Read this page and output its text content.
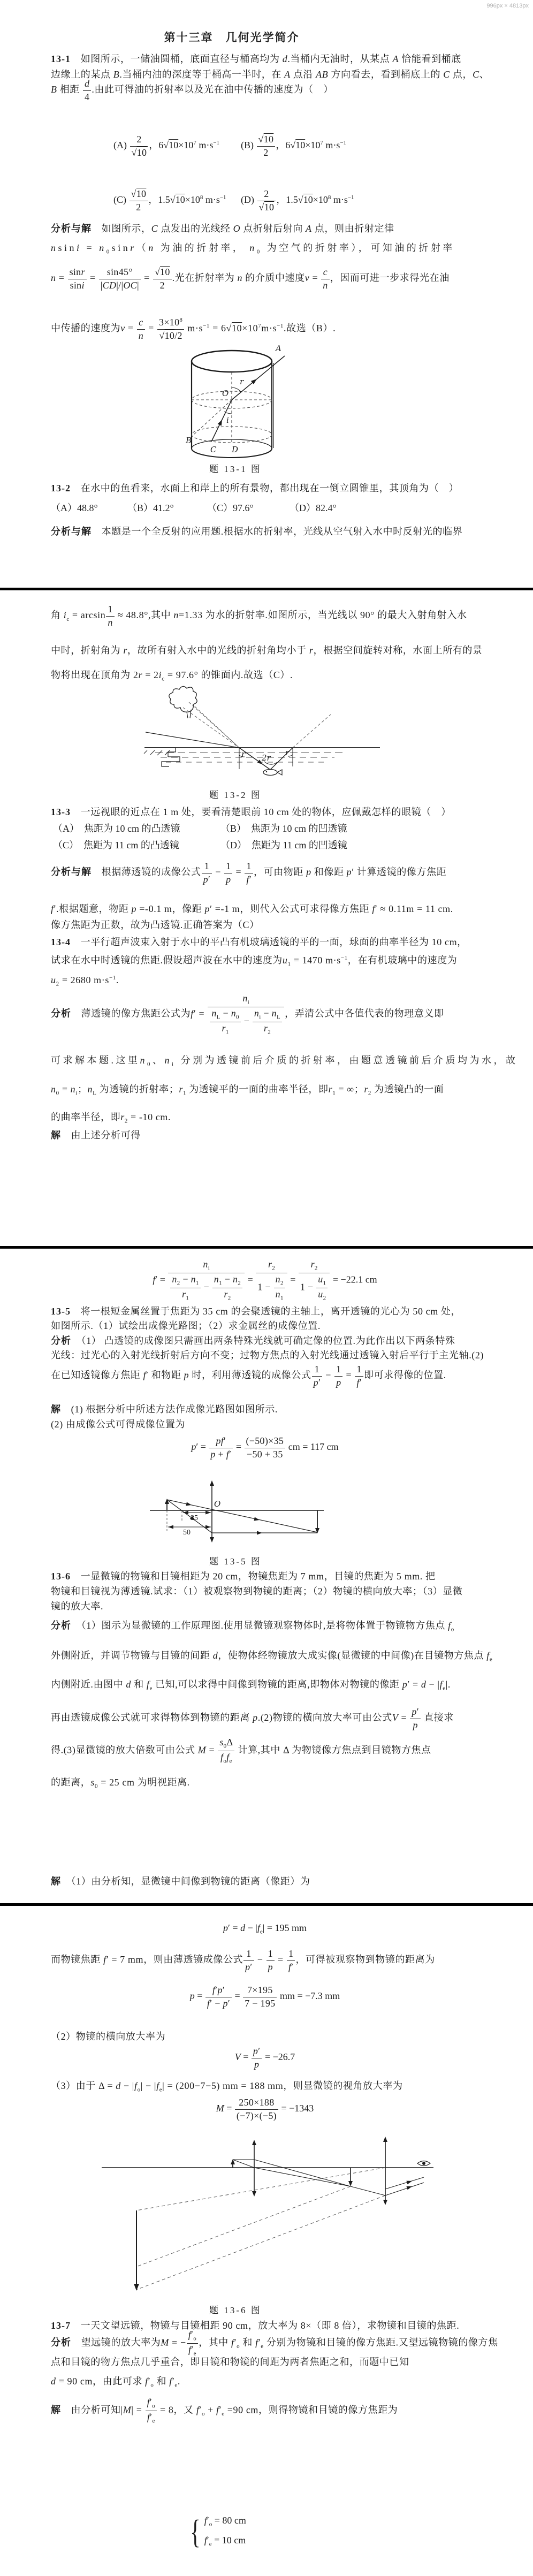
996px × 4813px
第十三章　几何光学简介
13-1　如图所示，一储油圆桶，底面直径与桶高均为 d.当桶内无油时，从某点 A 恰能看到桶底
边缘上的某点 B.当桶内油的深度等于桶高一半时，在 A 点沿 AB 方向看去，看到桶底上的 C 点，C、
B 相距 $\frac{d}{4}$ .由此可得油的折射率以及光在油中传播的速度为（　）
$(A) \frac{2}{√10}$ ，$6√10\times 10^7$ $m\cdot s^{-1}$ $(B) \frac{√10}{2}$ ，$6√10\times 10^7$ $m\cdot s^{-1}$
$(C) \frac{√10}{2}$ ，$1.5√10\times 10^8$ $m\cdot s^{-1}$ $(D) \frac{2}{√10}$ ，$1.5√10\times 10^8$ $m\cdot s^{-1}$
分析与解　如图所示，C 点发出的光线经 O 点折射后射向 A 点，则由折射定律
$nsini = n_0\sin r(n$ 为油的折射率， $n_0$ 为空气的折射率），可知油的折射率
$n = \frac{\sin r}{\sin i} = \frac{\sin 45^\circ}{|CD|/|OC|} = \frac{√10}{2}$ .光在折射率为 n 的介质中速度$v = \frac{c}{n}$ ，因而可进一步求得光在油
中传播的速度为$v = \frac{c}{n} = \frac{3\times 10^8}{√10/2} m\cdot s^{-1} = 6√10\times 10^7m\cdot s^{-1}$.故选（B）.
A
r
O
i
C D
B
题 13-1 图
13-2　在水中的鱼看来，水面上和岸上的所有景物，都出现在一倒立圆锥里，其顶角为（　）
（A）48.8°	（B）41.2°	（C）97.6°	（D）82.4°
分析与解　本题是一个全反射的应用题.根据水的折射率，光线从空气射入水中时反射光的临界
角 $i_c = \arcsin \frac{1}{n} \approx 48.8^\circ$,其中 n=1.33 为水的折射率.如图所示，当光线以 90° 的最大入射角射入水
中时，折射角为 r，故所有射入水中的光线的折射角均小于 r，根据空间旋转对称，水面上所有的景
物将出现在顶角为 $2r = 2i_c = 97.6^\circ$ 的锥面内.故选（C）.
r 2r
r
题 13-2 图
13-3　一远视眼的近点在 1 m 处，要看清楚眼前 10 cm 处的物体，应佩戴怎样的眼镜（　）
（A）　焦距为 10 cm 的凸透镜	（B）　焦距为 10 cm 的凹透镜
（C）　焦距为 11 cm 的凸透镜	（D）　焦距为 11 cm 的凹透镜
分析与解　根据薄透镜的成像公式 $\frac{1}{p'} - \frac{1}{p} = \frac{1}{f'}$ ，可由物距 p 和像距 p′ 计算透镜的像方焦距
f′.根据题意，物距 p =-0.1 m，像距 p′ =-1 m，则代入公式可求得像方焦距 f′ ≈ 0.11m = 11 cm.
像方焦距为正数，故为凸透镜.正确答案为（C）
13-4　一平行超声波束入射于水中的平凸有机玻璃透镜的平的一面，球面的曲率半径为 10 cm，
试求在水中时透镜的焦距.假设超声波在水中的速度为$u_1 = 1470$ $m\cdot s^{-1}$，在有机玻璃中的速度为
$u_2 = 2680$ $m\cdot s^{-1}$.
分析　薄透镜的像方焦距公式为f′ =
$n_i$
$\frac{n_L - n_0}{r_1} - \frac{n_i - n_L}{r_2}$ ，弄清公式中各值代表的物理意义即
可求解本题.这里$n_0$、$n_i$ 分别为透镜前后介质的折射率，由题意透镜前后介质均为水，故
$n_0 = n_i$；$n_L$ 为透镜的折射率；$r_1$ 为透镜平的一面的曲率半径，即$r_1$ = ∞；$r_2$ 为透镜凸的一面
的曲率半径，即$r_2 = -10$ cm.
解　由上述分析可得
$f' = \frac{n_i}{\frac{n_2 - n_1}{r_1} - \frac{n_1 - n_2}{r_2}} = \frac{r_2}{1 - \frac{n_2}{n_1}} = \frac{r_2}{1 - \frac{u_1}{u_2}} = -22.1$ cm
13-5　将一根短金属丝置于焦距为 35 cm 的会聚透镜的主轴上，离开透镜的光心为 50 cm 处，
如图所示.（1）试绘出成像光路图；（2）求金属丝的成像位置.
分析　（1） 凸透镜的成像图只需画出两条特殊光线就可确定像的位置.为此作出以下两条特殊
光线：过光心的入射光线折射后方向不变；过物方焦点的入射光线通过透镜入射后平行于主光轴.(2)
在已知透镜像方焦距 f′ 和物距 p 时，利用薄透镜的成像公式 $\frac{1}{p'} - \frac{1}{p} = \frac{1}{f'}$ 即可求得像的位置.
解　(1) 根据分析中所述方法作成像光路图如图所示.
(2) 由成像公式可得成像位置为
$p' = \frac{pf'}{p + f'} = \frac{(-50)\times 35}{-50 + 35}$ cm = 117 cm
O
35
50
题 13-5 图
13-6　一显微镜的物镜和目镜相距为 20 cm，物镜焦距为 7 mm，目镜的焦距为 5 mm. 把
物镜和目镜视为薄透镜.试求：（1）被观察物到物镜的距离；（2）物镜的横向放大率；（3）显微
镜的放大率.
分析　（1）图示为显微镜的工作原理图.使用显微镜观察物体时,是将物体置于物镜物方焦点 $f_o$
外侧附近，并调节物镜与目镜的间距 d，使物体经物镜放大成实像(显微镜的中间像)在目镜物方焦点 $f_e$
内侧附近.由图中 d 和 $f_e$ 已知,可以求得中间像到物镜的距离,即物体对物镜的像距 $p' = d - |f_e|$.
再由透镜成像公式就可求得物体到物镜的距离 p.(2)物镜的横向放大率可由公式$V = \frac{p'}{p}$ 直接求
得.(3)显微镜的放大倍数可由公式 M =
$s_0\Delta$
$f_of_e$
计算,其中 Δ 为物镜像方焦点到目镜物方焦点
的距离，$s_0 = 25$ cm 为明视距离.
解　（1）由分析知，显微镜中间像到物镜的距离（像距）为
$p' = d - |f_e| = 195$ mm
而物镜焦距 f′ = 7 mm，则由薄透镜成像公式 $\frac{1}{p'} - \frac{1}{p} = \frac{1}{f'}$ ，可得被观察物到物镜的距离为
$p = \frac{f'p'}{f' - p'} = \frac{7\times 195}{7 - 195}$ mm = −7.3 mm
（2）物镜的横向放大率为
$V = \frac{p'}{p} = -26.7$
（3）由于 $\Delta = d - |f_o| - |f_e| = (200-7-5)$ mm = 188 mm，则显微镜的视角放大率为
$M = \frac{250\times 188}{(-7)\times(-5)} = -1343$
题 13-6 图
13-7　一天文望远镜，物镜与目镜相距 90 cm，放大率为 8×（即 8 倍），求物镜和目镜的焦距.
分析　望远镜的放大率为M = − $\frac{f'_o}{f'_e}$ ，其中 $f'_o$ 和 $f'_e$ 分别为物镜和目镜的像方焦距.又望远镜物镜的像方焦
点和目镜的物方焦点几乎重合，即目镜和物镜的间距为两者焦距之和，而题中已知
d = 90 cm，由此可求 $f'_o$ 和 $f'_e$.
解　由分析可知$|M| = \frac{f'_o}{f'_e} = 8$，又 $f'_o + f'_e =90$ cm，则得物镜和目镜的像方焦距为
{ $f'_o = 80$ cm
$f'_e = 10$ cm
